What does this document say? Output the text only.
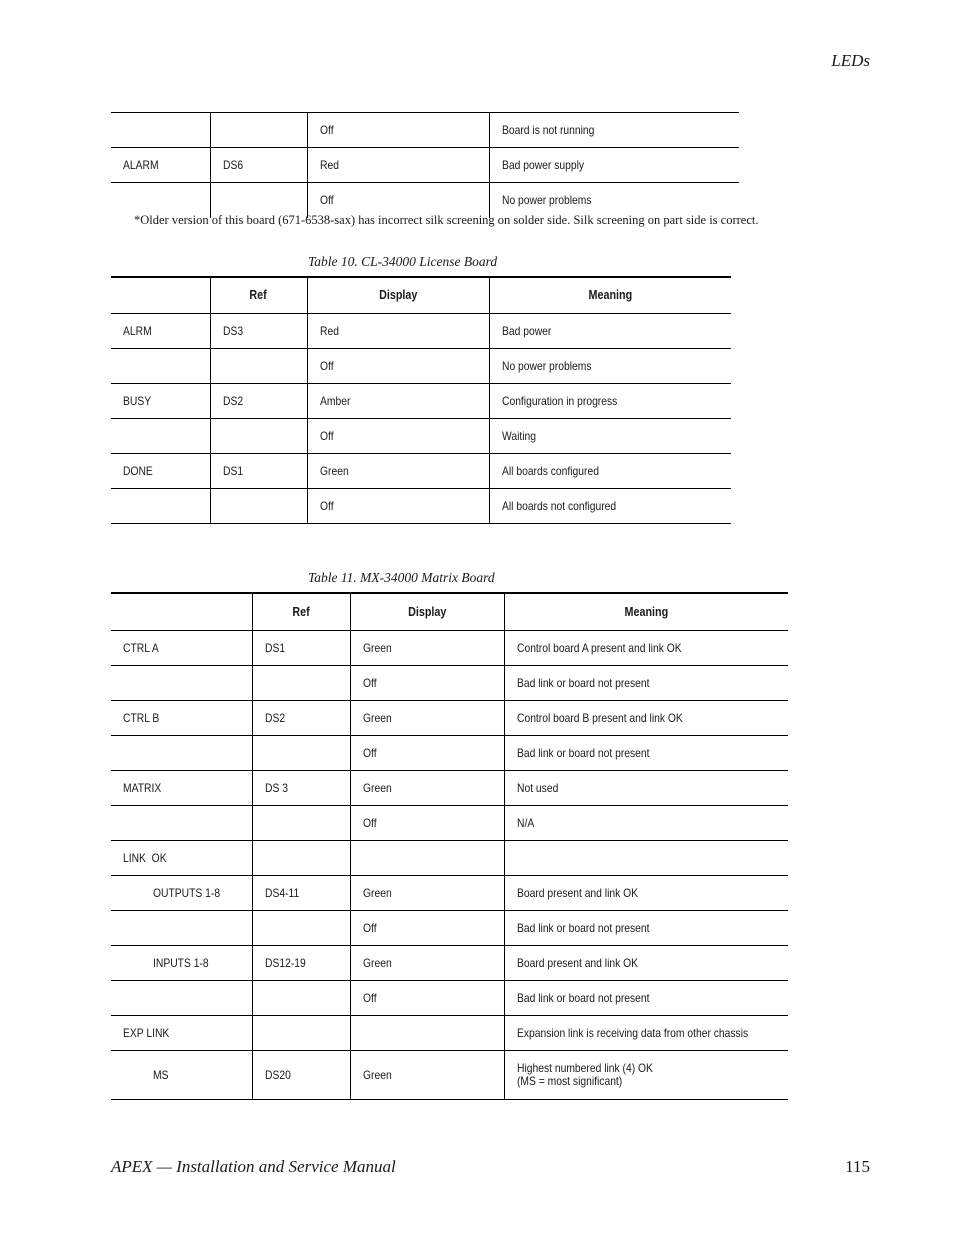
LEDs
		Off	Board is not running
ALARM	DS6	Red	Bad power supply
		Off	No power problems
*Older version of this board (671-6538-sax) has incorrect silk screening on solder side. Silk screening on part side is correct.
Table 10. CL-34000 License Board
	Ref	Display	Meaning
ALRM	DS3	Red	Bad power
		Off	No power problems
BUSY	DS2	Amber	Configuration in progress
		Off	Waiting
DONE	DS1	Green	All boards configured
		Off	All boards not configured
Table 11. MX-34000 Matrix Board
	Ref	Display	Meaning
CTRL A	DS1	Green	Control board A present and link OK
		Off	Bad link or board not present
CTRL B	DS2	Green	Control board B present and link OK
		Off	Bad link or board not present
MATRIX	DS 3	Green	Not used
		Off	N/A
LINK  OK			
OUTPUTS 1-8	DS4-11	Green	Board present and link OK
		Off	Bad link or board not present
INPUTS 1-8	DS12-19	Green	Board present and link OK
		Off	Bad link or board not present
EXP LINK			Expansion link is receiving data from other chassis
MS	DS20	Green	Highest numbered link (4) OK
(MS = most significant)
APEX — Installation and Service Manual	115
